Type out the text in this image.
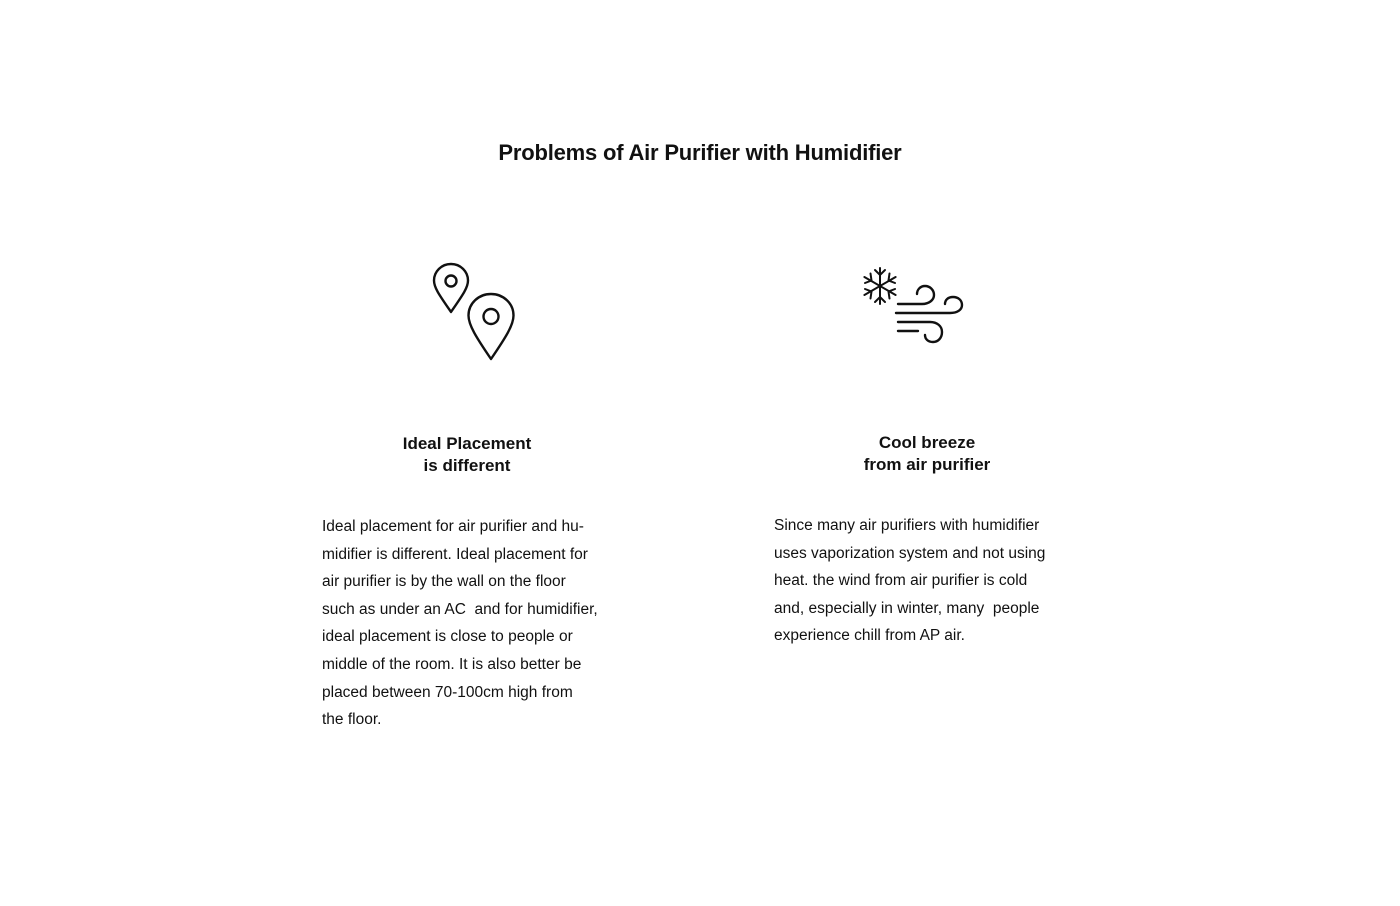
Problems of Air Purifier with Humidifier
Ideal Placement
is different
Cool breeze
from air purifier

Ideal placement for air purifier and hu-
midifier is different. Ideal placement for
air purifier is by the wall on the floor
such as under an AC  and for humidifier,
ideal placement is close to people or
middle of the room. It is also better be
placed between 70-100cm high from
the floor.

Since many air purifiers with humidifier
uses vaporization system and not using
heat. the wind from air purifier is cold
and, especially in winter, many  people
experience chill from AP air.
